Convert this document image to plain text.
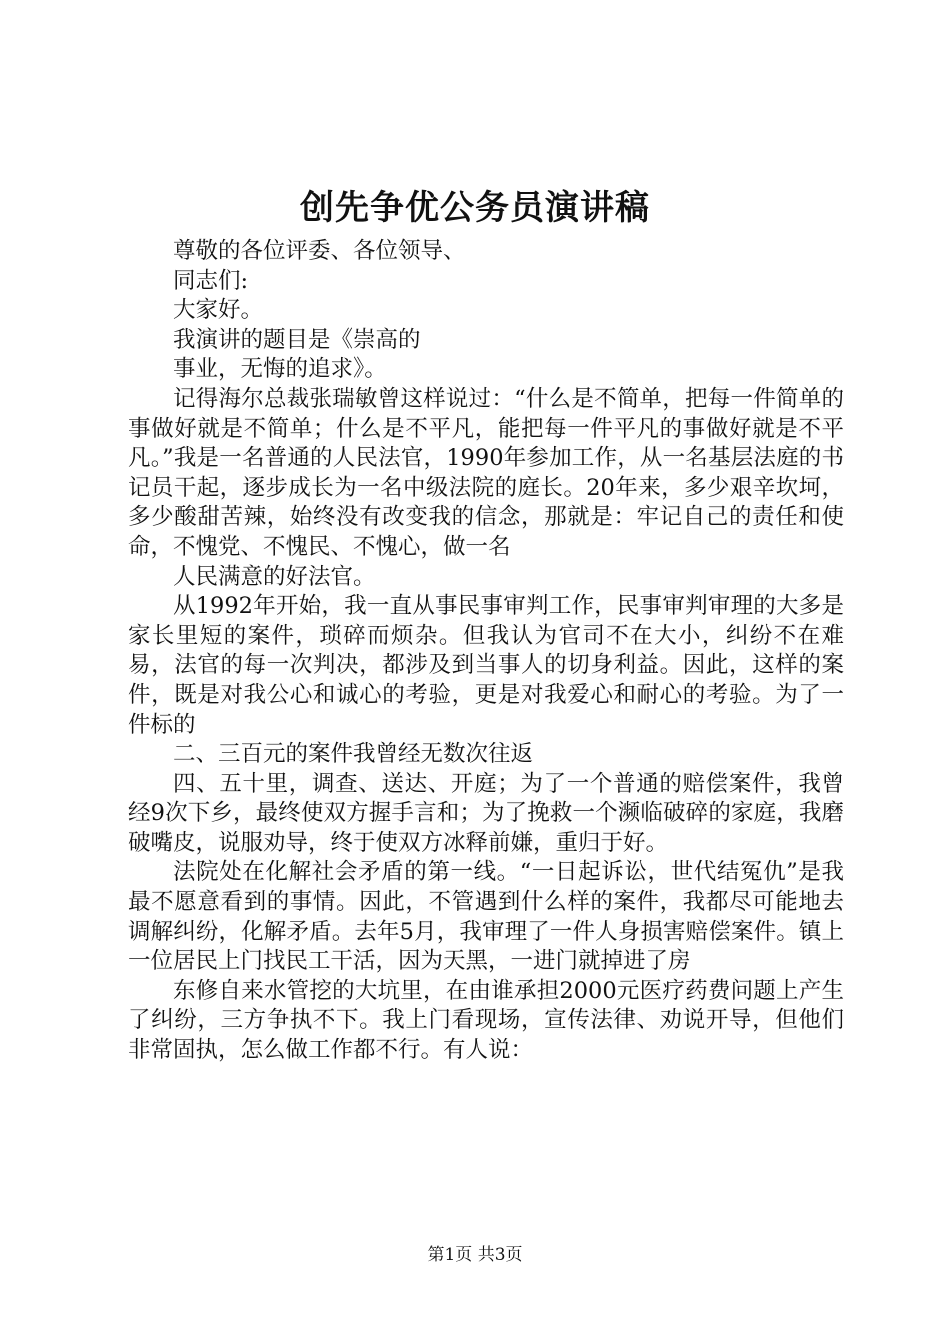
创先争优公务员演讲稿

尊敬的各位评委、各位领导、

同志们:

大家好。

我演讲的题目是《崇高的

事业，无悔的追求》。

记得海尔总裁张瑞敏曾这样说过：“什么是不简单，把每一件简单的事做好就是不简单；什么是不平凡，能把每一件平凡的事做好就是不平凡。”我是一名普通的人民法官，1990年参加工作，从一名基层法庭的书记员干起，逐步成长为一名中级法院的庭长。20年来，多少艰辛坎坷，多少酸甜苦辣，始终没有改变我的信念，那就是：牢记自己的责任和使命，不愧党、不愧民、不愧心，做一名

人民满意的好法官。

从1992年开始，我一直从事民事审判工作，民事审判审理的大多是家长里短的案件，琐碎而烦杂。但我认为官司不在大小，纠纷不在难易，法官的每一次判决，都涉及到当事人的切身利益。因此，这样的案件，既是对我公心和诚心的考验，更是对我爱心和耐心的考验。为了一件标的

二、三百元的案件我曾经无数次往返

四、五十里，调查、送达、开庭；为了一个普通的赔偿案件，我曾经9次下乡，最终使双方握手言和；为了挽救一个濒临破碎的家庭，我磨破嘴皮，说服劝导，终于使双方冰释前嫌，重归于好。

法院处在化解社会矛盾的第一线。“一日起诉讼，世代结冤仇”是我最不愿意看到的事情。因此，不管遇到什么样的案件，我都尽可能地去调解纠纷，化解矛盾。去年5月，我审理了一件人身损害赔偿案件。镇上一位居民上门找民工干活，因为天黑，一进门就掉进了房

东修自来水管挖的大坑里，在由谁承担2000元医疗药费问题上产生了纠纷，三方争执不下。我上门看现场，宣传法律、劝说开导，但他们非常固执，怎么做工作都不行。有人说：

第1页 共3页
